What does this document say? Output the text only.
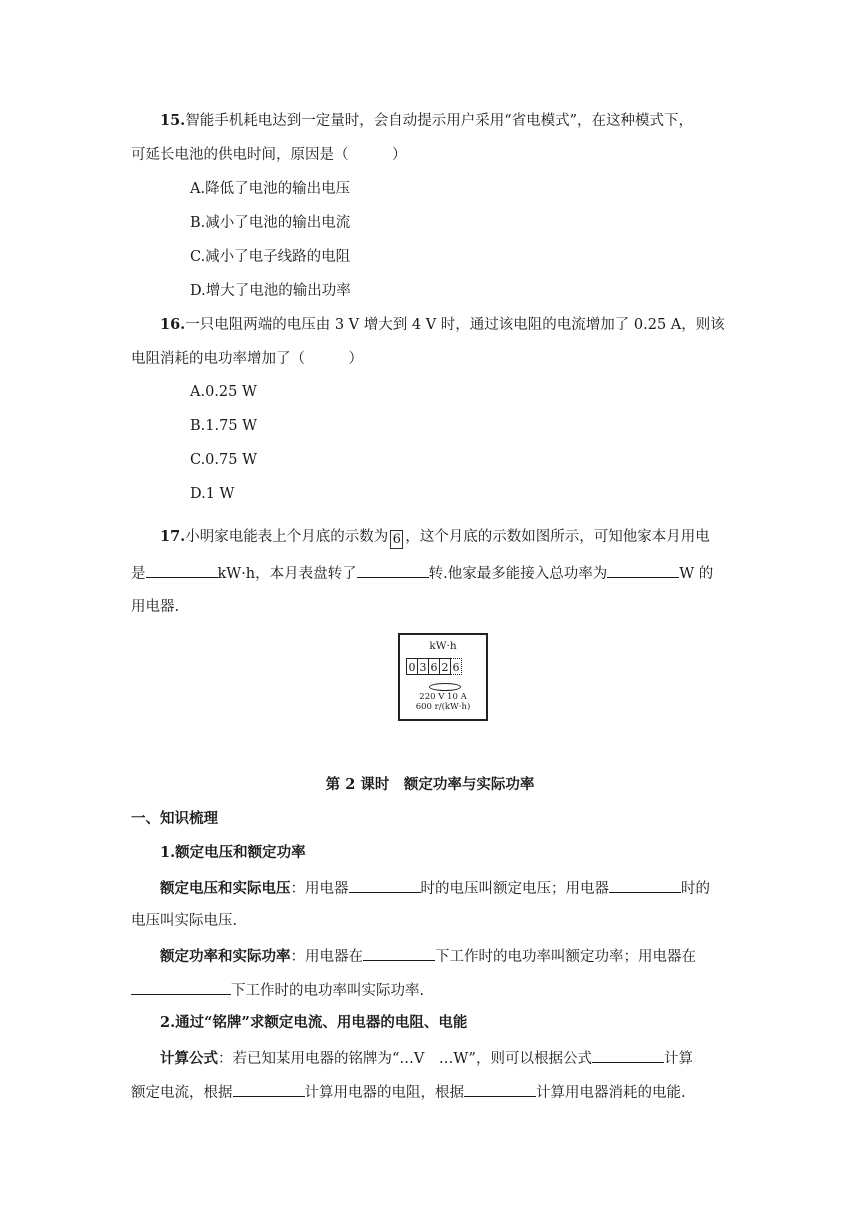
15.智能手机耗电达到一定量时，会自动提示用户采用“省电模式”，在这种模式下，
可延长电池的供电时间，原因是（　　　）
A.降低了电池的输出电压
B.减小了电池的输出电流
C.减小了电子线路的电阻
D.增大了电池的输出功率
16.一只电阻两端的电压由 3 V 增大到 4 V 时，通过该电阻的电流增加了 0.25 A，则该
电阻消耗的电功率增加了（　　　）
A.0.25 W
B.1.75 W
C.0.75 W
D.1 W
17.小明家电能表上个月底的示数为 6 ，这个月底的示数如图所示，可知他家本月用电
是	kW·h，本月表盘转了	转.他家最多能接入总功率为	W 的
用电器.
kW·h
0 3 6 2 6
220 V 10 A
600 r/(kW·h)
第 2 课时　额定功率与实际功率
一、知识梳理
1.额定电压和额定功率
额定电压和实际电压：用电器	时的电压叫额定电压；用电器	时的
电压叫实际电压.
额定功率和实际功率：用电器在	下工作时的电功率叫额定功率；用电器在
下工作时的电功率叫实际功率.
2.通过“铭牌”求额定电流、用电器的电阻、电能
计算公式：若已知某用电器的铭牌为“…V　…W”，则可以根据公式	计算
额定电流，根据	计算用电器的电阻，根据	计算用电器消耗的电能.
